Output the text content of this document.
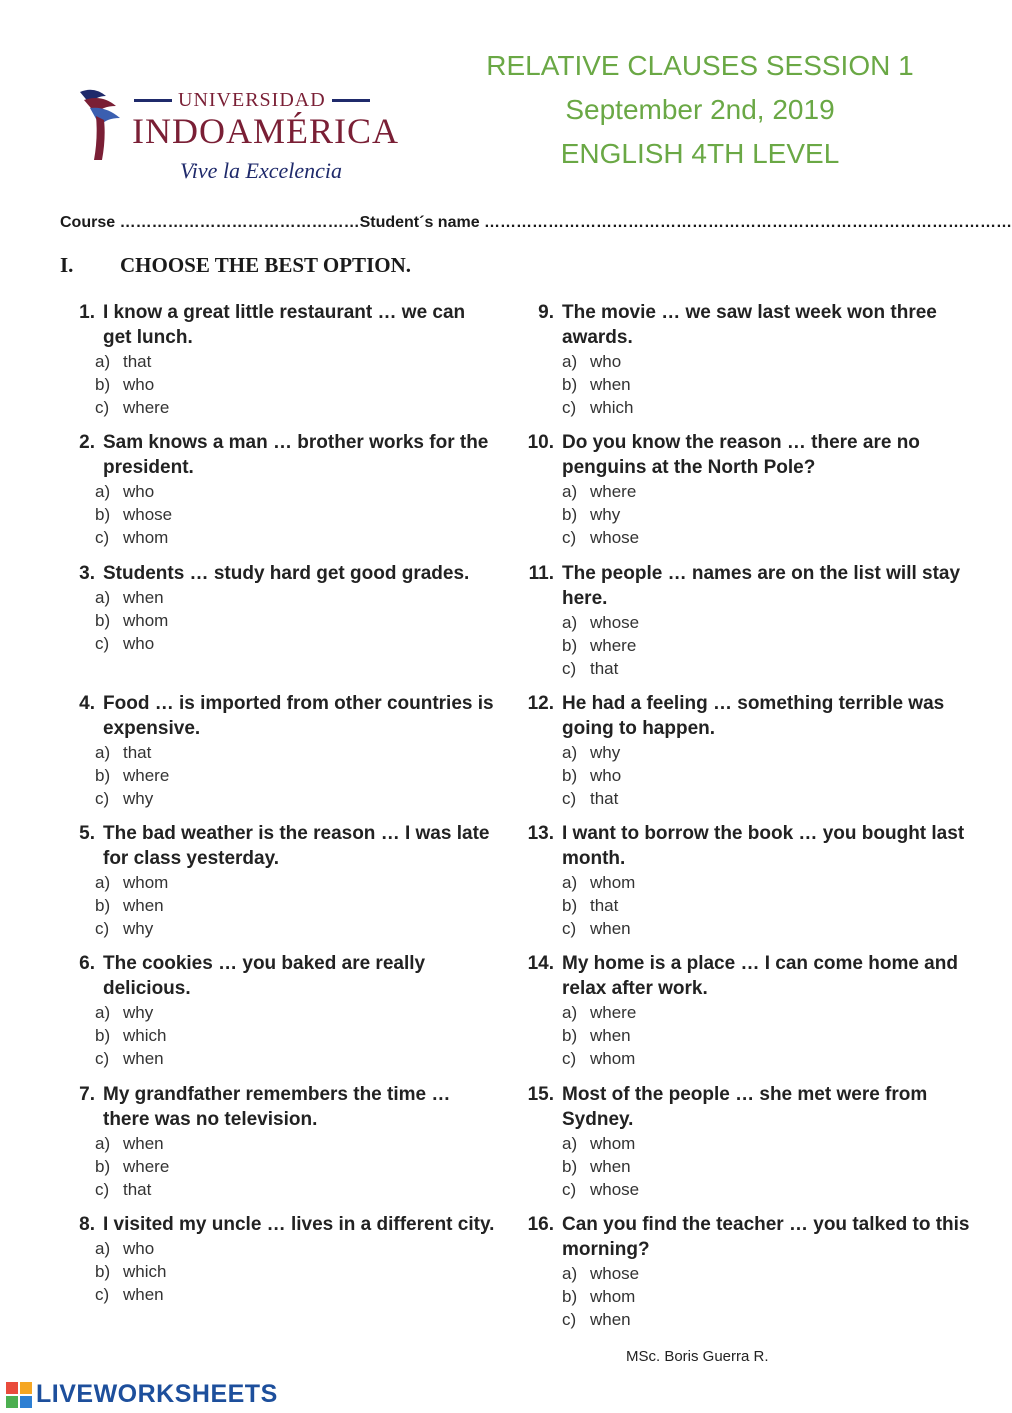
UNIVERSIDAD
INDOAMÉRICA
Vive la Excelencia
RELATIVE CLAUSES SESSION 1
September 2nd, 2019
ENGLISH 4TH LEVEL
Course ……………………………………… Student´s name ………………………………………………………………………………………
I. CHOOSE THE BEST OPTION.
1. I know a great little restaurant … we can get lunch.
a) that
b) who
c) where
2. Sam knows a man … brother works for the president.
a) who
b) whose
c) whom
3. Students … study hard get good grades.
a) when
b) whom
c) who
4. Food … is imported from other countries is expensive.
a) that
b) where
c) why
5. The bad weather is the reason … I was late for class yesterday.
a) whom
b) when
c) why
6. The cookies … you baked are really delicious.
a) why
b) which
c) when
7. My grandfather remembers the time … there was no television.
a) when
b) where
c) that
8. I visited my uncle … lives in a different city.
a) who
b) which
c) when
9. The movie … we saw last week won three awards.
a) who
b) when
c) which
10. Do you know the reason … there are no penguins at the North Pole?
a) where
b) why
c) whose
11. The people … names are on the list will stay here.
a) whose
b) where
c) that
12. He had a feeling … something terrible was going to happen.
a) why
b) who
c) that
13. I want to borrow the book … you bought last month.
a) whom
b) that
c) when
14. My home is a place … I can come home and relax after work.
a) where
b) when
c) whom
15. Most of the people … she met were from Sydney.
a) whom
b) when
c) whose
16. Can you find the teacher … you talked to this morning?
a) whose
b) whom
c) when
MSc. Boris Guerra R.
LIVEWORKSHEETS
